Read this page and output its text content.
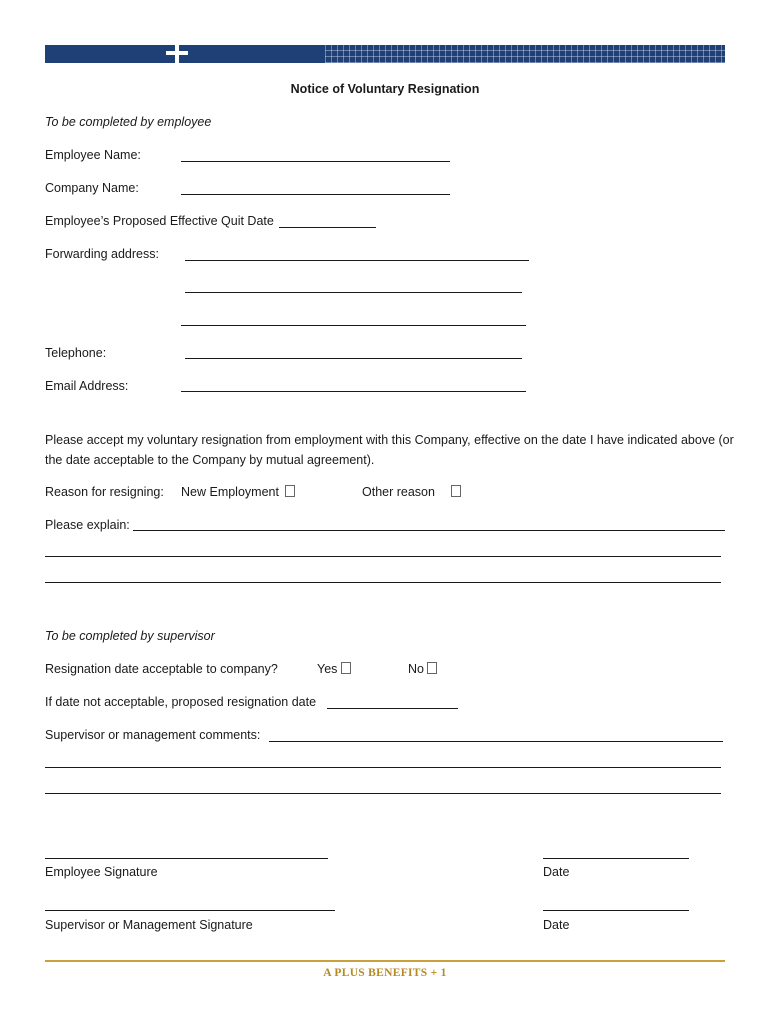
Notice of Voluntary Resignation
To be completed by employee
Employee Name:
Company Name:
Employee’s Proposed Effective Quit Date
Forwarding address:
Telephone:
Email Address:
Please accept my voluntary resignation from employment with this Company, effective on the date I have indicated above (or the date acceptable to the Company by mutual agreement).
Reason for resigning: New Employment	Other reason
Please explain:
To be completed by supervisor
Resignation date acceptable to company?	Yes	No
If date not acceptable, proposed resignation date
Supervisor or management comments:
Employee Signature	Date
Supervisor or Management Signature	Date
A PLUS BENEFITS + 1
